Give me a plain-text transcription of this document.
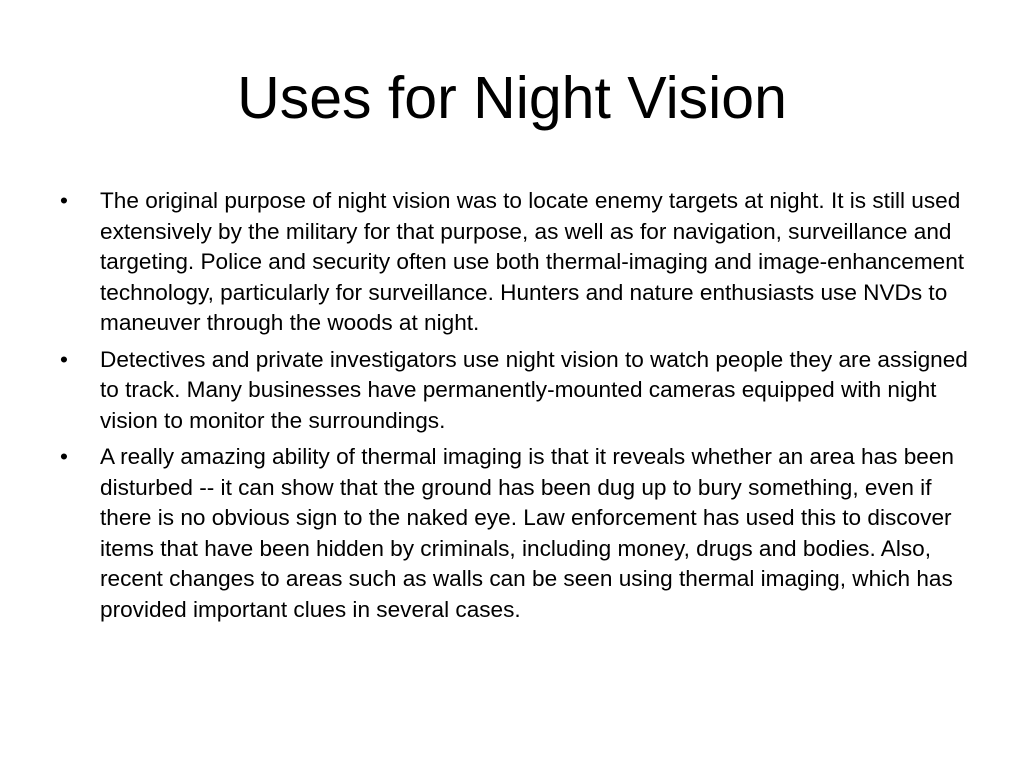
Uses for Night Vision
•	The original purpose of night vision was to locate enemy targets at night. It is still used extensively by the military for that purpose, as well as for navigation, surveillance and targeting. Police and security often use both thermal-imaging and image-enhancement technology, particularly for surveillance. Hunters and nature enthusiasts use NVDs to maneuver through the woods at night.
•	Detectives and private investigators use night vision to watch people they are assigned to track. Many businesses have permanently-mounted cameras equipped with night vision to monitor the surroundings.
•	A really amazing ability of thermal imaging is that it reveals whether an area has been disturbed -- it can show that the ground has been dug up to bury something, even if there is no obvious sign to the naked eye. Law enforcement has used this to discover items that have been hidden by criminals, including money, drugs and bodies. Also, recent changes to areas such as walls can be seen using thermal imaging, which has provided important clues in several cases.
